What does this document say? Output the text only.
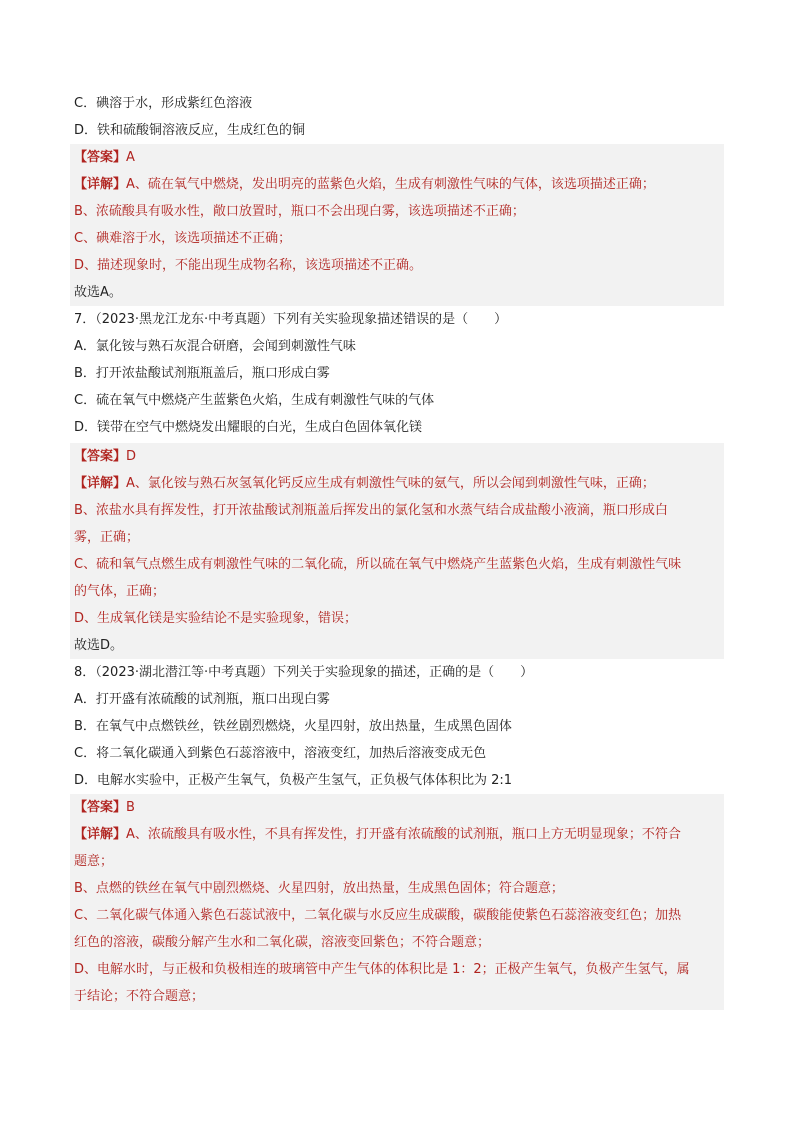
C．碘溶于水，形成紫红色溶液
D．铁和硫酸铜溶液反应，生成红色的铜
【答案】A
【详解】A、硫在氧气中燃烧，发出明亮的蓝紫色火焰，生成有刺激性气味的气体，该选项描述正确；
B、浓硫酸具有吸水性，敞口放置时，瓶口不会出现白雾，该选项描述不正确；
C、碘难溶于水，该选项描述不正确；
D、描述现象时，不能出现生成物名称，该选项描述不正确。
故选A。
7．（2023·黑龙江龙东·中考真题）下列有关实验现象描述错误的是（　　）
A．氯化铵与熟石灰混合研磨，会闻到刺激性气味
B．打开浓盐酸试剂瓶瓶盖后，瓶口形成白雾
C．硫在氧气中燃烧产生蓝紫色火焰，生成有刺激性气味的气体
D．镁带在空气中燃烧发出耀眼的白光，生成白色固体氧化镁
【答案】D
【详解】A、氯化铵与熟石灰氢氧化钙反应生成有刺激性气味的氨气，所以会闻到刺激性气味，正确；
B、浓盐水具有挥发性，打开浓盐酸试剂瓶盖后挥发出的氯化氢和水蒸气结合成盐酸小液滴，瓶口形成白
雾，正确；
C、硫和氧气点燃生成有刺激性气味的二氧化硫，所以硫在氧气中燃烧产生蓝紫色火焰，生成有刺激性气味
的气体，正确；
D、生成氧化镁是实验结论不是实验现象，错误；
故选D。
8．（2023·湖北潜江等·中考真题）下列关于实验现象的描述，正确的是（　　）
A．打开盛有浓硫酸的试剂瓶，瓶口出现白雾
B．在氧气中点燃铁丝，铁丝剧烈燃烧，火星四射，放出热量，生成黑色固体
C．将二氧化碳通入到紫色石蕊溶液中，溶液变红，加热后溶液变成无色
D．电解水实验中，正极产生氧气，负极产生氢气，正负极气体体积比为 2:1
【答案】B
【详解】A、浓硫酸具有吸水性，不具有挥发性，打开盛有浓硫酸的试剂瓶，瓶口上方无明显现象；不符合
题意；
B、点燃的铁丝在氧气中剧烈燃烧、火星四射，放出热量，生成黑色固体；符合题意；
C、二氧化碳气体通入紫色石蕊试液中，二氧化碳与水反应生成碳酸，碳酸能使紫色石蕊溶液变红色；加热
红色的溶液，碳酸分解产生水和二氧化碳，溶液变回紫色；不符合题意；
D、电解水时，与正极和负极相连的玻璃管中产生气体的体积比是 1：2；正极产生氧气，负极产生氢气，属
于结论；不符合题意；
